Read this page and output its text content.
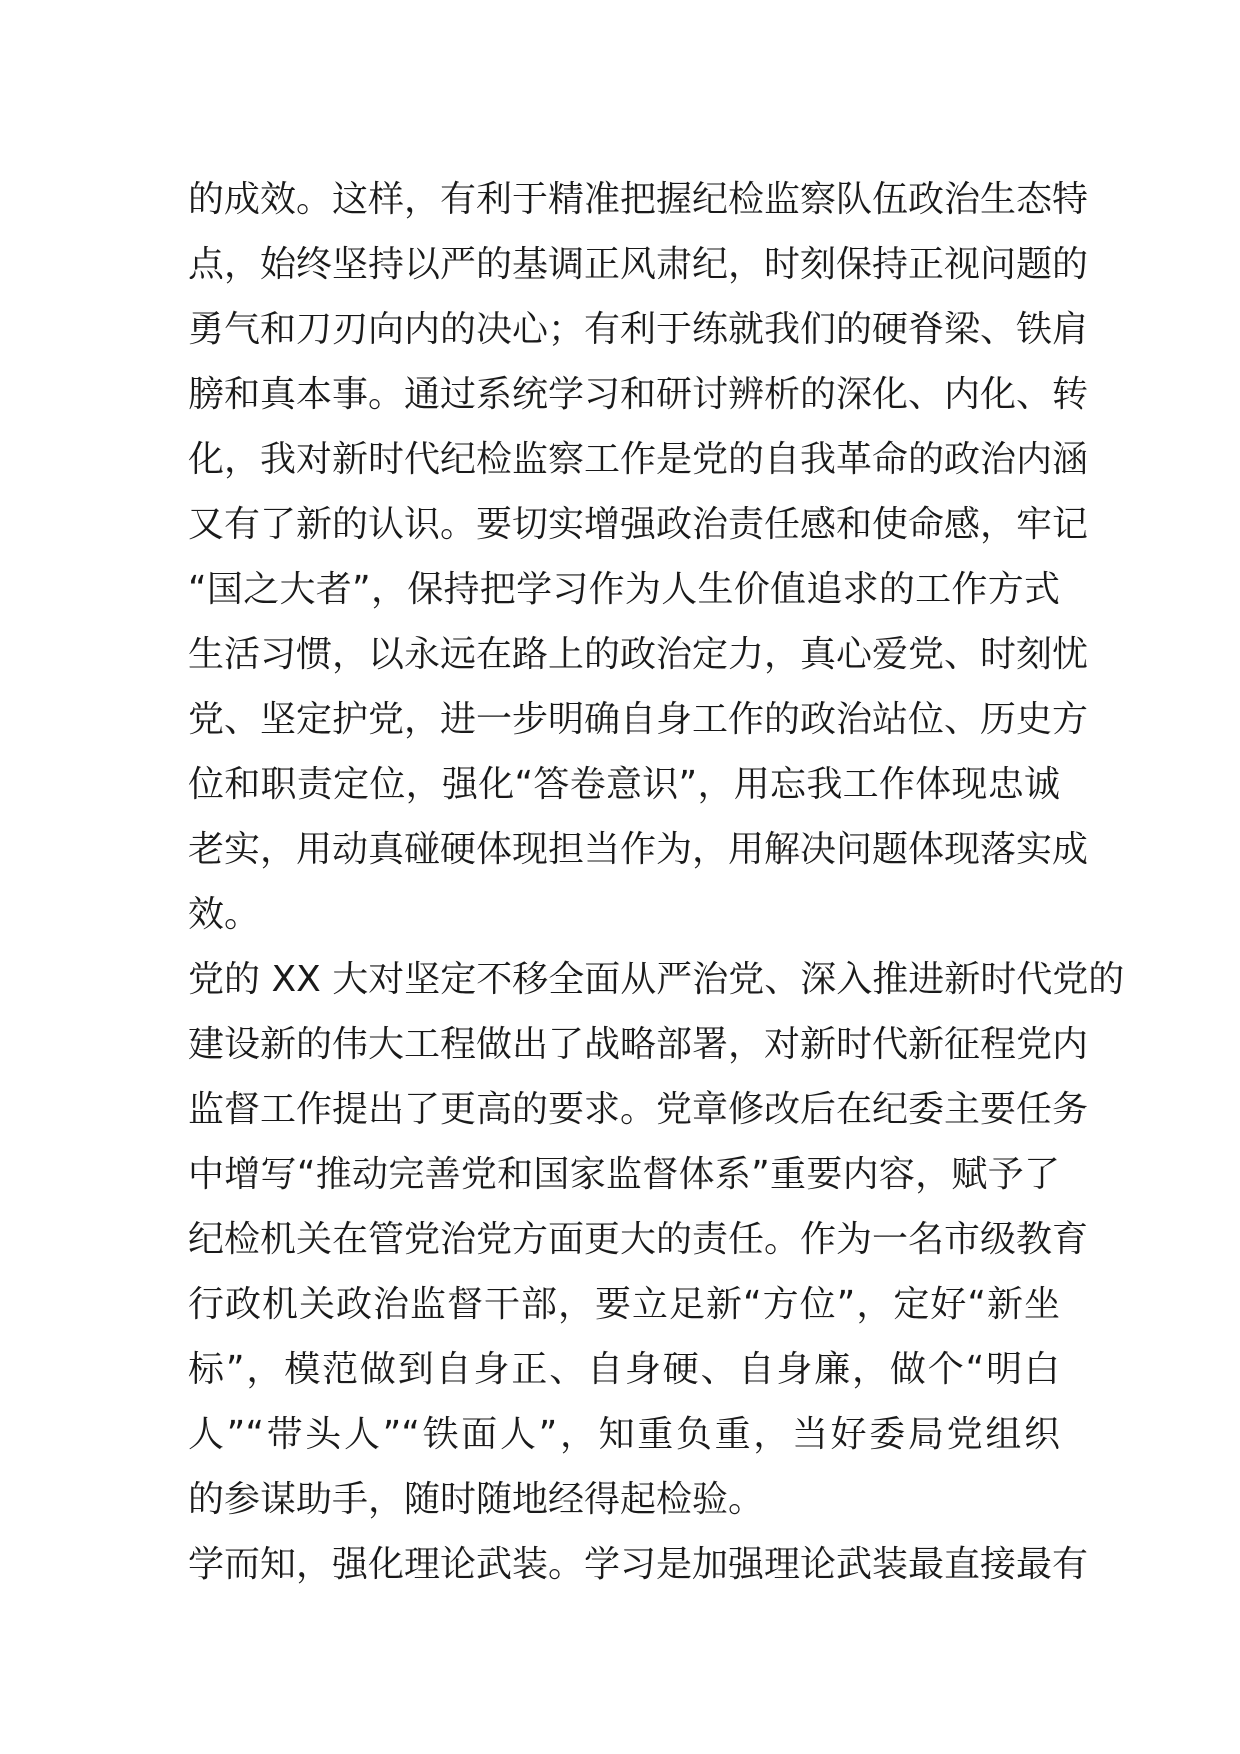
的成效。这样，有利于精准把握纪检监察队伍政治生态特
点，始终坚持以严的基调正风肃纪，时刻保持正视问题的
勇气和刀刃向内的决心；有利于练就我们的硬脊梁、铁肩
膀和真本事。通过系统学习和研讨辨析的深化、内化、转
化，我对新时代纪检监察工作是党的自我革命的政治内涵
又有了新的认识。要切实增强政治责任感和使命感，牢记
“国之大者”，保持把学习作为人生价值追求的工作方式
生活习惯，以永远在路上的政治定力，真心爱党、时刻忧
党、坚定护党，进一步明确自身工作的政治站位、历史方
位和职责定位，强化“答卷意识”，用忘我工作体现忠诚
老实，用动真碰硬体现担当作为，用解决问题体现落实成
效。
党的 XX 大对坚定不移全面从严治党、深入推进新时代党的
建设新的伟大工程做出了战略部署，对新时代新征程党内
监督工作提出了更高的要求。党章修改后在纪委主要任务
中增写“推动完善党和国家监督体系”重要内容，赋予了
纪检机关在管党治党方面更大的责任。作为一名市级教育
行政机关政治监督干部，要立足新“方位”，定好“新坐
标”，模范做到自身正、自身硬、自身廉，做个“明白
人”“带头人”“铁面人”，知重负重，当好委局党组织
的参谋助手，随时随地经得起检验。
学而知，强化理论武装。学习是加强理论武装最直接最有
